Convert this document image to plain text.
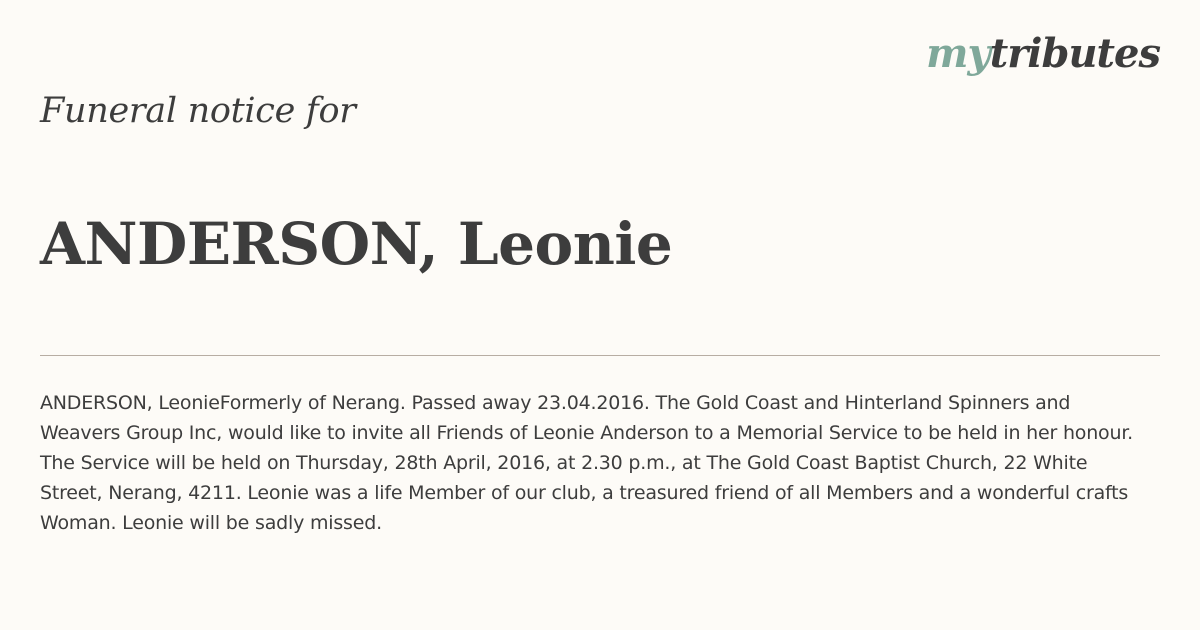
mytributes
Funeral notice for
ANDERSON, Leonie

ANDERSON, LeonieFormerly of Nerang. Passed away 23.04.2016. The Gold Coast and Hinterland Spinners and Weavers Group Inc, would like to invite all Friends of Leonie Anderson to a Memorial Service to be held in her honour. The Service will be held on Thursday, 28th April, 2016, at 2.30 p.m., at The Gold Coast Baptist Church, 22 White Street, Nerang, 4211. Leonie was a life Member of our club, a treasured friend of all Members and a wonderful crafts Woman. Leonie will be sadly missed.
